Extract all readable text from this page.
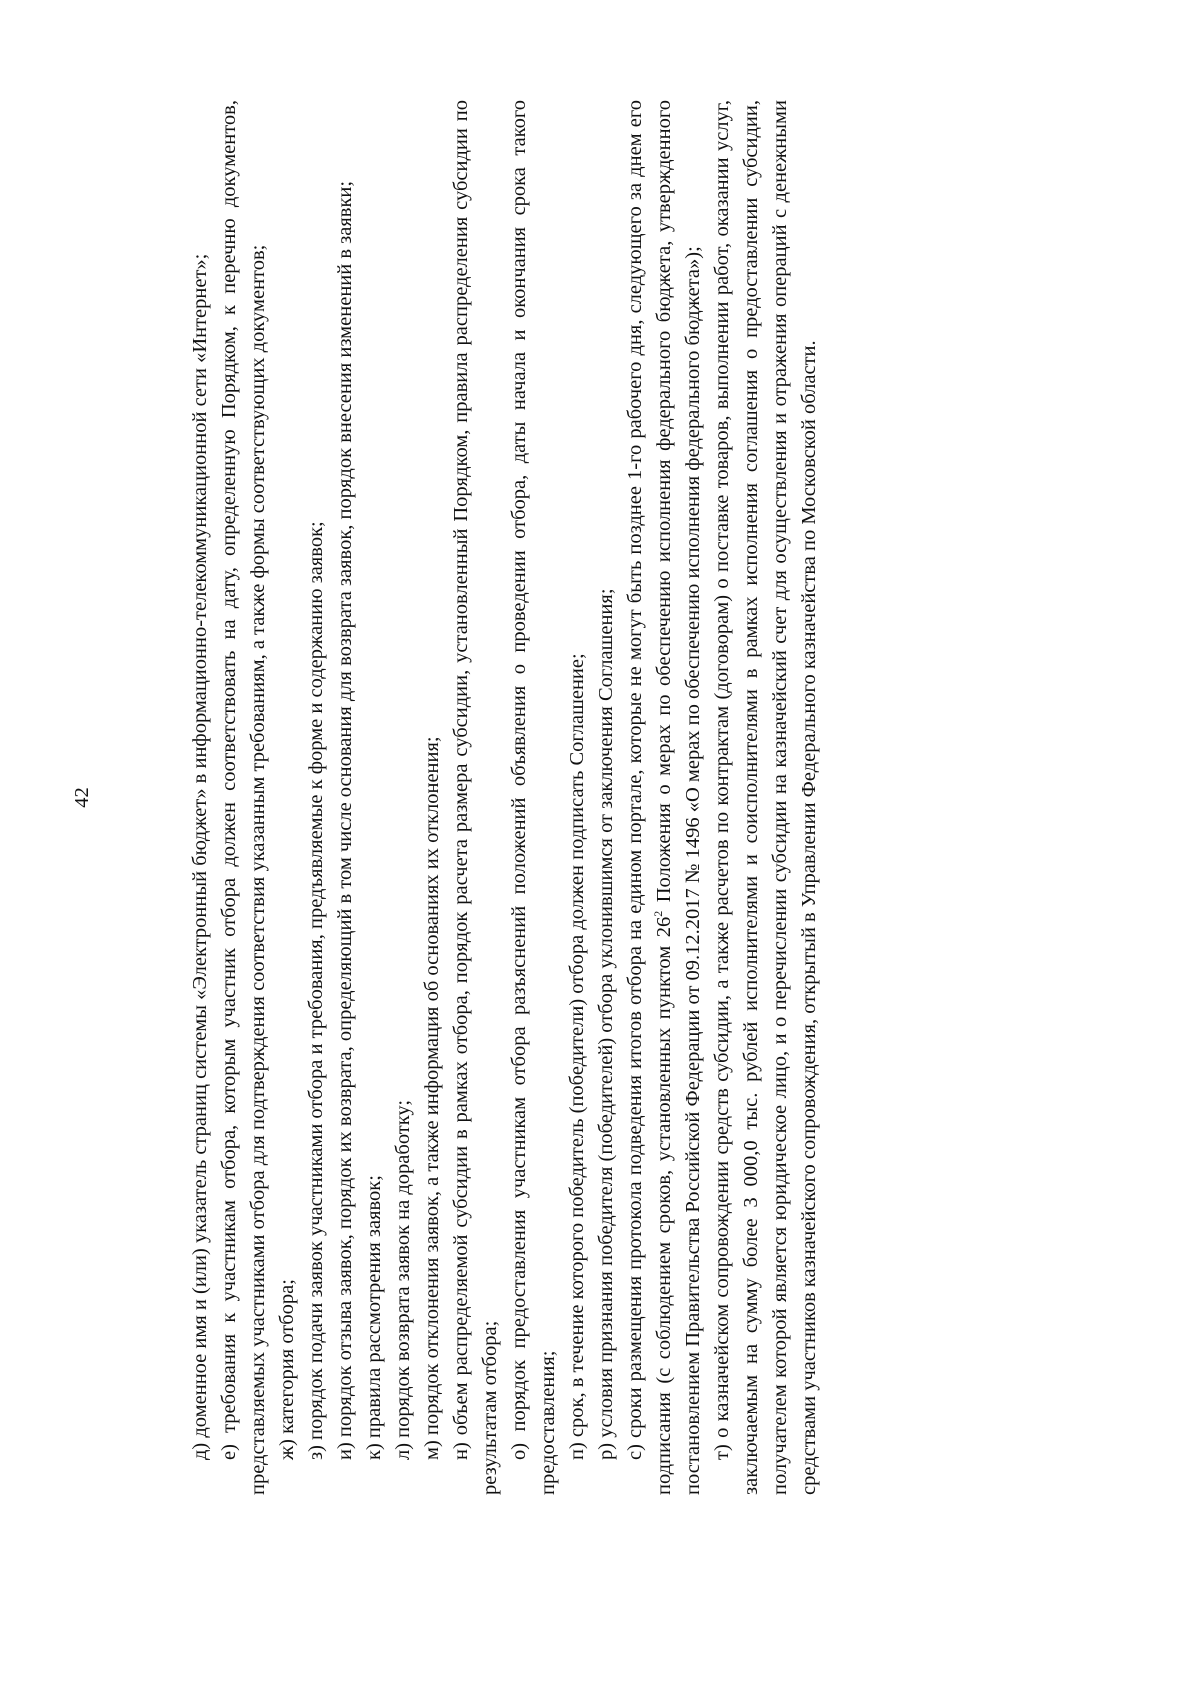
42	д) доменное имя и (или) указатель страниц системы «Электронный бюджет» в информационно-телекоммуникационной сети «Интернет»; е) требования к участникам отбора, которым участник отбора должен соответствовать на дату, определенную Порядком, к перечню документов, представляемых участниками отбора для подтверждения соответствия указанным требованиям, а также формы соответствующих документов; ж) категория отбора; з) порядок подачи заявок участниками отбора и требования, предъявляемые к форме и содержанию заявок; и) порядок отзыва заявок, порядок их возврата, определяющий в том числе основания для возврата заявок, порядок внесения изменений в заявки; к) правила рассмотрения заявок; л) порядок возврата заявок на доработку; м) порядок отклонения заявок, а также информация об основаниях их отклонения; н) объем распределяемой субсидии в рамках отбора, порядок расчета размера субсидии, установленный Порядком, правила распределения субсидии по результатам отбора; о) порядок предоставления участникам отбора разъяснений положений объявления о проведении отбора, даты начала и окончания срока такого предоставления; п) срок, в течение которого победитель (победители) отбора должен подписать Соглашение; р) условия признания победителя (победителей) отбора уклонившимся от заключения Соглашения; с) сроки размещения протокола подведения итогов отбора на едином портале, которые не могут быть позднее 1-го рабочего дня, следующего за днем его подписания (с соблюдением сроков, установленных пунктом $26^2$ Положения о мерах по обеспечению исполнения федерального бюджета, утвержденного постановлением Правительства Российской Федерации от 09.12.2017 № 1496 «О мерах по обеспечению исполнения федерального бюджета»); т) о казначейском сопровождении средств субсидии, а также расчетов по контрактам (договорам) о поставке товаров, выполнении работ, оказании услуг, заключаемым на сумму более 3 000,0 тыс. рублей исполнителями и соисполнителями в рамках исполнения соглашения о предоставлении субсидии, получателем которой является юридическое лицо, и о перечислении субсидии на казначейский счет для осуществления и отражения операций с денежными средствами участников казначейского сопровождения, открытый в Управлении Федерального казначейства по Московской области.
